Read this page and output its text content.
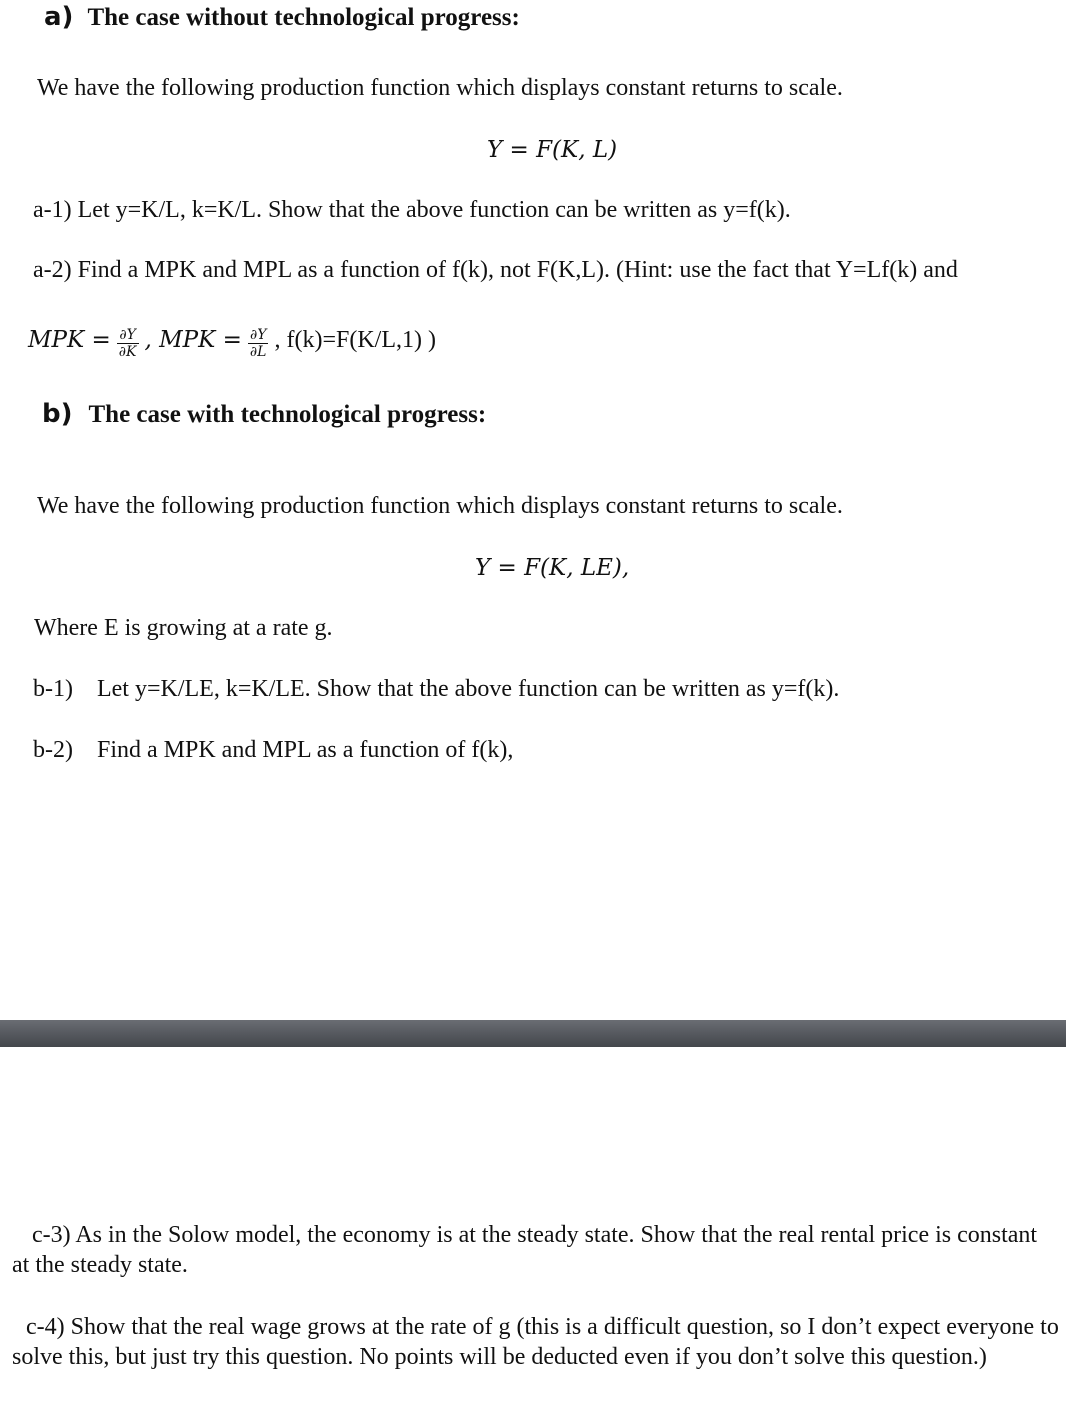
a) The case without technological progress:
We have the following production function which displays constant returns to scale.
Y = F(K, L)
a-1) Let y=K/L, k=K/L. Show that the above function can be written as y=f(k).
a-2) Find a MPK and MPL as a function of f(k), not F(K,L). (Hint: use the fact that Y=Lf(k) and
MPK = $\frac{\partial Y}{\partial K}$ , MPK = $\frac{\partial Y}{\partial L}$ , f(k)=F(K/L,1) )
b) The case with technological progress:
We have the following production function which displays constant returns to scale.
Y = F(K, LE),
Where E is growing at a rate g.
b-1)    Let y=K/LE, k=K/LE. Show that the above function can be written as y=f(k).
b-2)    Find a MPK and MPL as a function of f(k),
c-3) As in the Solow model, the economy is at the steady state. Show that the real rental price is constant at the steady state.
c-4) Show that the real wage grows at the rate of g (this is a difficult question, so I don’t expect everyone to solve this, but just try this question. No points will be deducted even if you don’t solve this question.)
